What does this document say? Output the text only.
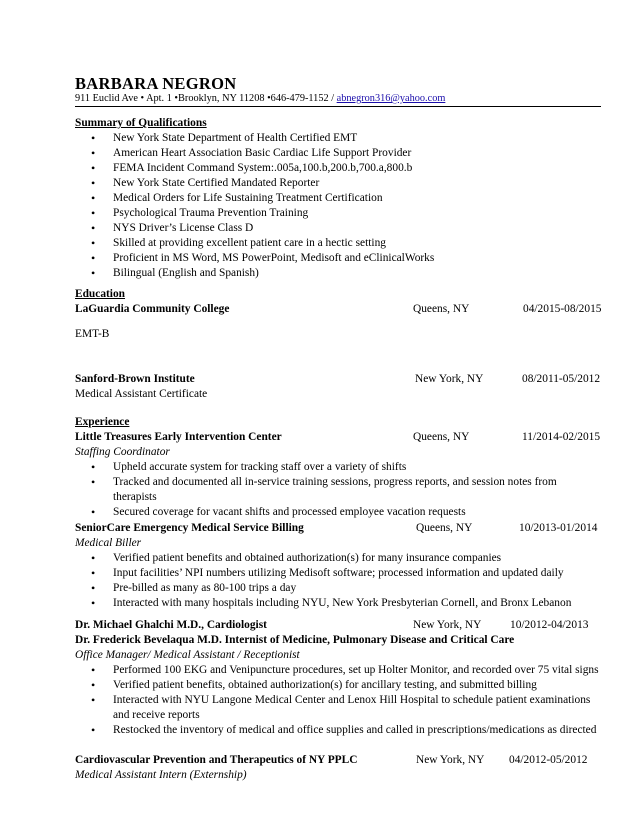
BARBARA NEGRON
911 Euclid Ave • Apt. 1 •Brooklyn, NY 11208 •646-479-1152 / abnegron316@yahoo.com
Summary of Qualifications
• New York State Department of Health Certified EMT
• American Heart Association Basic Cardiac Life Support Provider
• FEMA Incident Command System:.005a,100.b,200.b,700.a,800.b
• New York State Certified Mandated Reporter
• Medical Orders for Life Sustaining Treatment Certification
• Psychological Trauma Prevention Training
• NYS Driver’s License Class D
• Skilled at providing excellent patient care in a hectic setting
• Proficient in MS Word, MS PowerPoint, Medisoft and eClinicalWorks
• Bilingual (English and Spanish)
Education
LaGuardia Community College	Queens, NY	04/2015-08/2015
EMT-B
Sanford-Brown Institute	New York, NY	08/2011-05/2012
Medical Assistant Certificate
Experience
Little Treasures Early Intervention Center	Queens, NY	11/2014-02/2015
Staffing Coordinator
• Upheld accurate system for tracking staff over a variety of shifts
• Tracked and documented all in-service training sessions, progress reports, and session notes from therapists
• Secured coverage for vacant shifts and processed employee vacation requests
SeniorCare Emergency Medical Service Billing	Queens, NY	10/2013-01/2014
Medical Biller
• Verified patient benefits and obtained authorization(s) for many insurance companies
• Input facilities’ NPI numbers utilizing Medisoft software; processed information and updated daily
• Pre-billed as many as 80-100 trips a day
• Interacted with many hospitals including NYU, New York Presbyterian Cornell, and Bronx Lebanon
Dr. Michael Ghalchi M.D., Cardiologist	New York, NY	10/2012-04/2013
Dr. Frederick Bevelaqua M.D. Internist of Medicine, Pulmonary Disease and Critical Care
Office Manager/ Medical Assistant / Receptionist
• Performed 100 EKG and Venipuncture procedures, set up Holter Monitor, and recorded over 75 vital signs
• Verified patient benefits, obtained authorization(s) for ancillary testing, and submitted billing
• Interacted with NYU Langone Medical Center and Lenox Hill Hospital to schedule patient examinations and receive reports
• Restocked the inventory of medical and office supplies and called in prescriptions/medications as directed
Cardiovascular Prevention and Therapeutics of NY PPLC	New York, NY 04/2012-05/2012
Medical Assistant Intern (Externship)
